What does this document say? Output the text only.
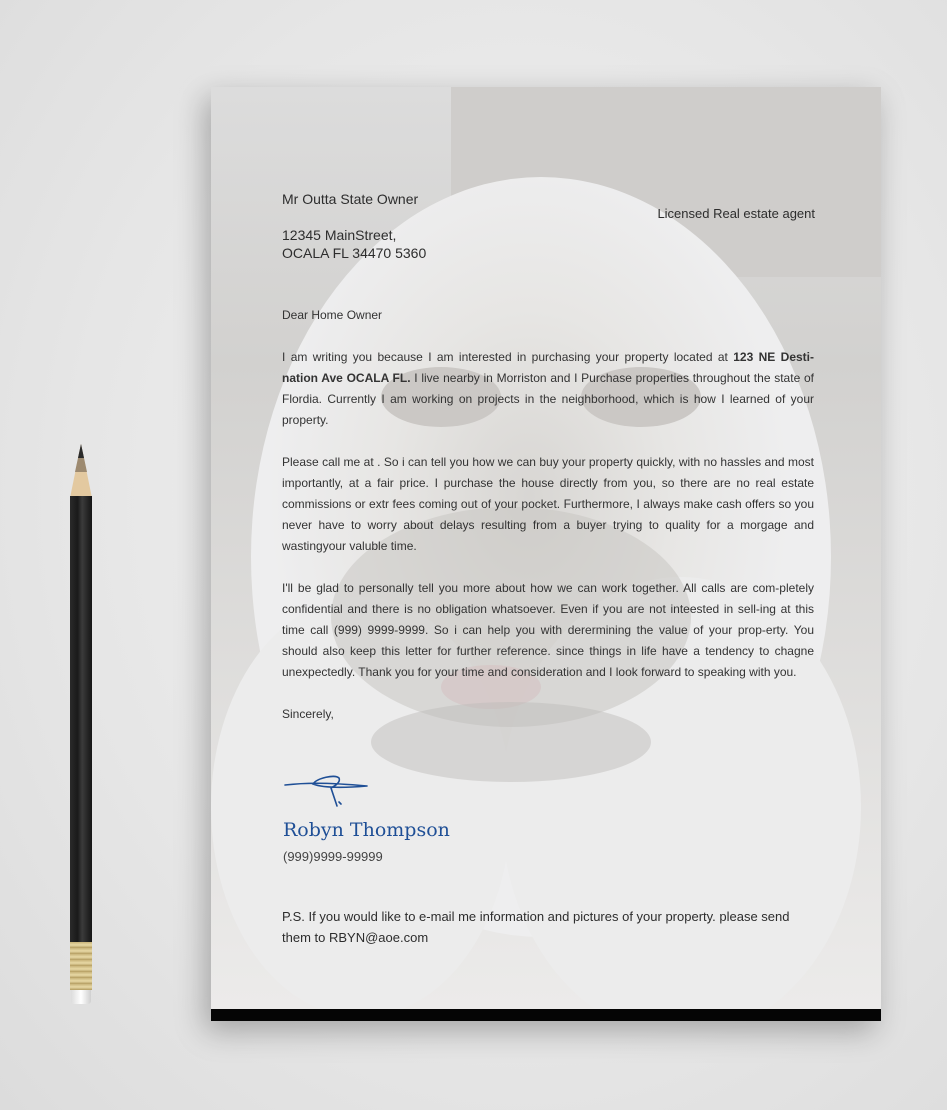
Mr Outta State Owner
12345 MainStreet,
OCALA FL 34470 5360
Licensed Real estate agent

Dear Home Owner

I am writing you because I am interested in purchasing your property located at 123 NE Desti-nation Ave OCALA FL. I live nearby in Morriston and I Purchase properties throughout the state of Flordia. Currently I am working on projects in the neighborhood, which is how I learned of your property.

Please call me at . So i can tell you how we can buy your property quickly, with no hassles and most importantly, at a fair price. I purchase the house directly from you, so there are no real estate commissions or extr fees coming out of your pocket. Furthermore, I always make cash offers so you never have to worry about delays resulting from a buyer trying to quality for a morgage and wastingyour valuble time.

I'll be glad to personally tell you more about how we can work together. All calls are com-pletely confidential and there is no obligation whatsoever. Even if you are not inteested in sell-ing at this time call (999) 9999-9999. So i can help you with derermining the value of your prop-erty. You should also keep this letter for further reference. since things in life have a tendency to chagne unexpectedly. Thank you for your time and consideration and I look forward to speaking with you.

Sincerely,

Robyn Thompson
(999)9999-99999
P.S. If you would like to e-mail me information and pictures of your property. please send them to RBYN@aoe.com
